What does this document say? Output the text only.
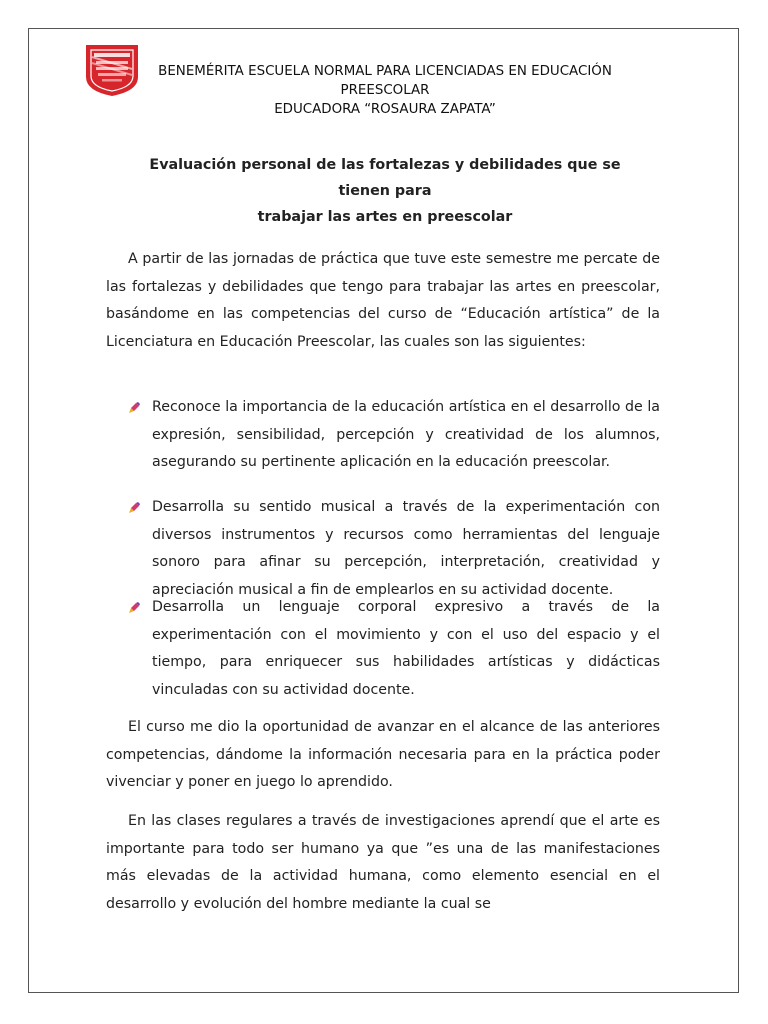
BENEMÉRITA ESCUELA NORMAL PARA LICENCIADAS EN EDUCACIÓN
PREESCOLAR
EDUCADORA “ROSAURA ZAPATA”
Evaluación personal de las fortalezas y debilidades que se
tienen para
trabajar las artes en preescolar

A partir de las jornadas de práctica que tuve este semestre me percate de las fortalezas y debilidades que tengo para trabajar las artes en preescolar, basándome en las competencias del curso de “Educación artística” de la Licenciatura en Educación Preescolar, las cuales son las siguientes:

Reconoce la importancia de la educación artística en el desarrollo de la expresión, sensibilidad, percepción y creatividad de los alumnos, asegurando su pertinente aplicación en la educación preescolar.
Desarrolla su sentido musical a través de la experimentación con diversos instrumentos y recursos como herramientas del lenguaje sonoro para afinar su percepción, interpretación, creatividad y apreciación musical a fin de emplearlos en su actividad docente.
Desarrolla un lenguaje corporal expresivo a través de la experimentación con el movimiento y con el uso del espacio y el tiempo, para enriquecer sus habilidades artísticas y didácticas vinculadas con su actividad docente.

El curso me dio la oportunidad de avanzar en el alcance de las anteriores competencias, dándome la información necesaria para en la práctica poder vivenciar y poner en juego lo aprendido.

En las clases regulares a través de investigaciones aprendí que el arte es importante para todo ser humano ya que ”es una de las manifestaciones más elevadas de la actividad humana, como elemento esencial en el desarrollo y evolución del hombre mediante la cual se
